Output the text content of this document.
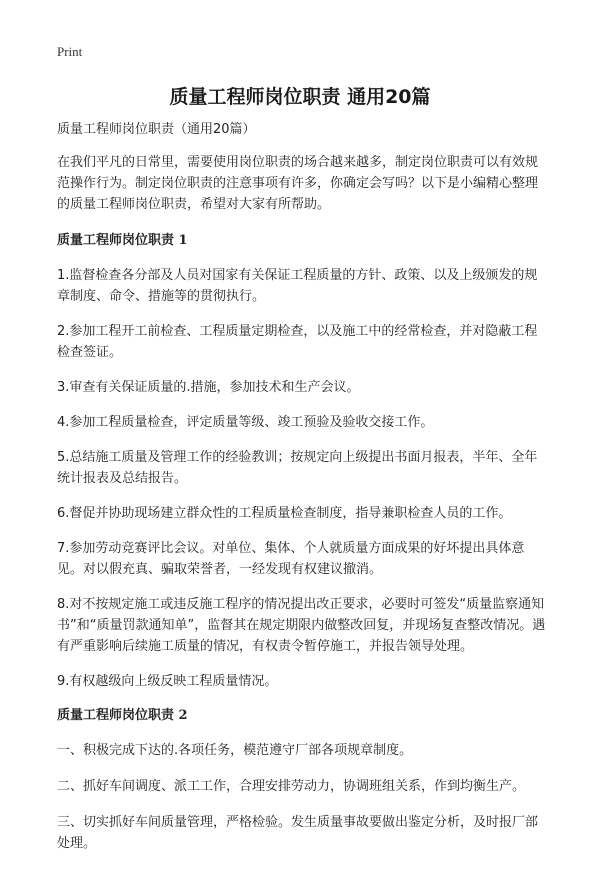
Print
质量工程师岗位职责 通用20篇

质量工程师岗位职责（通用20篇）

在我们平凡的日常里，需要使用岗位职责的场合越来越多，制定岗位职责可以有效规范操作行为。制定岗位职责的注意事项有许多，你确定会写吗？以下是小编精心整理的质量工程师岗位职责，希望对大家有所帮助。

质量工程师岗位职责 1

1.监督检查各分部及人员对国家有关保证工程质量的方针、政策、以及上级颁发的规章制度、命令、措施等的贯彻执行。

2.参加工程开工前检查、工程质量定期检查，以及施工中的经常检查，并对隐蔽工程检查签证。

3.审查有关保证质量的.措施，参加技术和生产会议。

4.参加工程质量检查，评定质量等级、竣工预验及验收交接工作。

5.总结施工质量及管理工作的经验教训；按规定向上级提出书面月报表，半年、全年统计报表及总结报告。

6.督促并协助现场建立群众性的工程质量检查制度，指导兼职检查人员的工作。

7.参加劳动竞赛评比会议。对单位、集体、个人就质量方面成果的好坏提出具体意见。对以假充真、骗取荣誉者，一经发现有权建议撤消。

8.对不按规定施工或违反施工程序的情况提出改正要求，必要时可签发“质量监察通知书”和“质量罚款通知单”，监督其在规定期限内做整改回复，并现场复查整改情况。遇有严重影响后续施工质量的情况，有权责令暂停施工，并报告领导处理。

9.有权越级向上级反映工程质量情况。

质量工程师岗位职责 2

一、积极完成下达的.各项任务，模范遵守厂部各项规章制度。

二、抓好车间调度、派工工作，合理安排劳动力，协调班组关系，作到均衡生产。

三、切实抓好车间质量管理，严格检验。发生质量事故要做出鉴定分析，及时报厂部处理。
